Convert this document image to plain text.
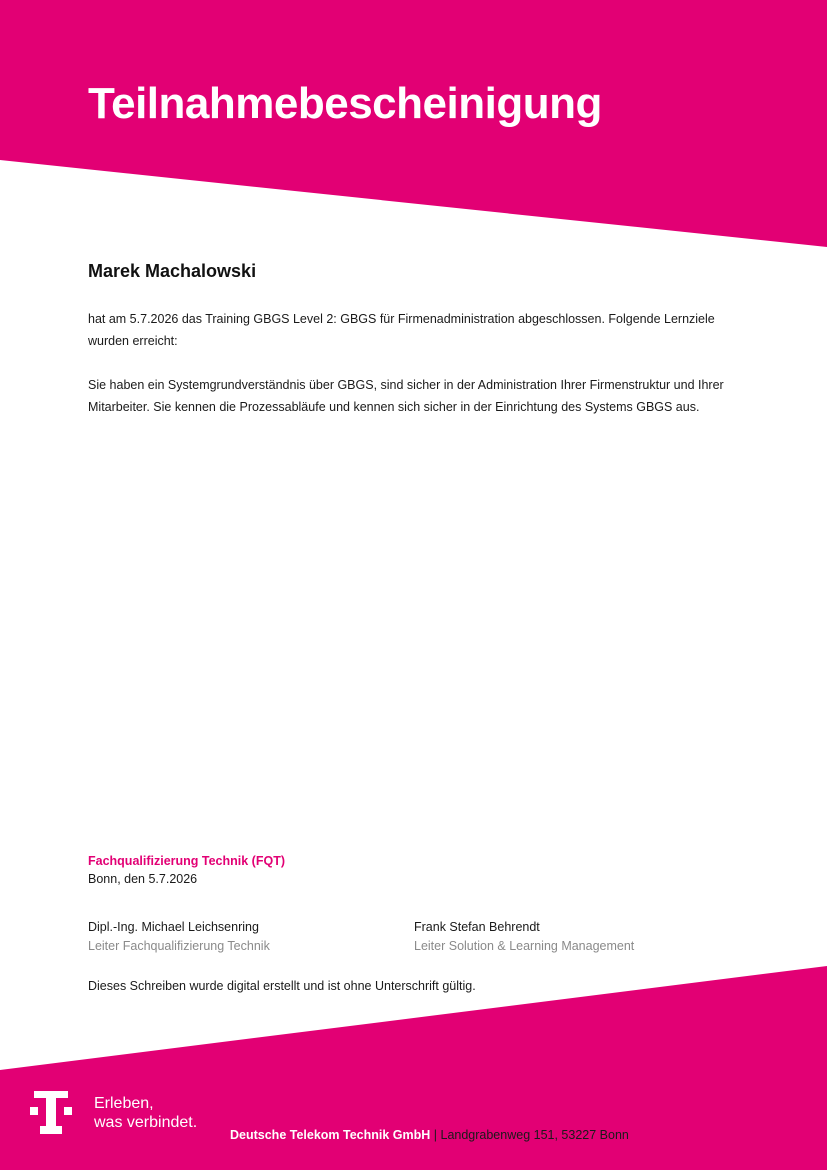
Teilnahmebescheinigung
Marek Machalowski

hat am 5.7.2026 das Training GBGS Level 2: GBGS für Firmenadministration abgeschlossen. Folgende Lernziele wurden erreicht:

Sie haben ein Systemgrundverständnis über GBGS, sind sicher in der Administration Ihrer Firmenstruktur und Ihrer Mitarbeiter. Sie kennen die Prozessabläufe und kennen sich sicher in der Einrichtung des Systems GBGS aus.

Fachqualifizierung Technik (FQT)
Bonn, den 5.7.2026
Dipl.-Ing. Michael Leichsenring
Leiter Fachqualifizierung Technik
Frank Stefan Behrendt
Leiter Solution & Learning Management
Dieses Schreiben wurde digital erstellt und ist ohne Unterschrift gültig.
Erleben,
was verbindet.
Deutsche Telekom Technik GmbH | Landgrabenweg 151, 53227 Bonn
